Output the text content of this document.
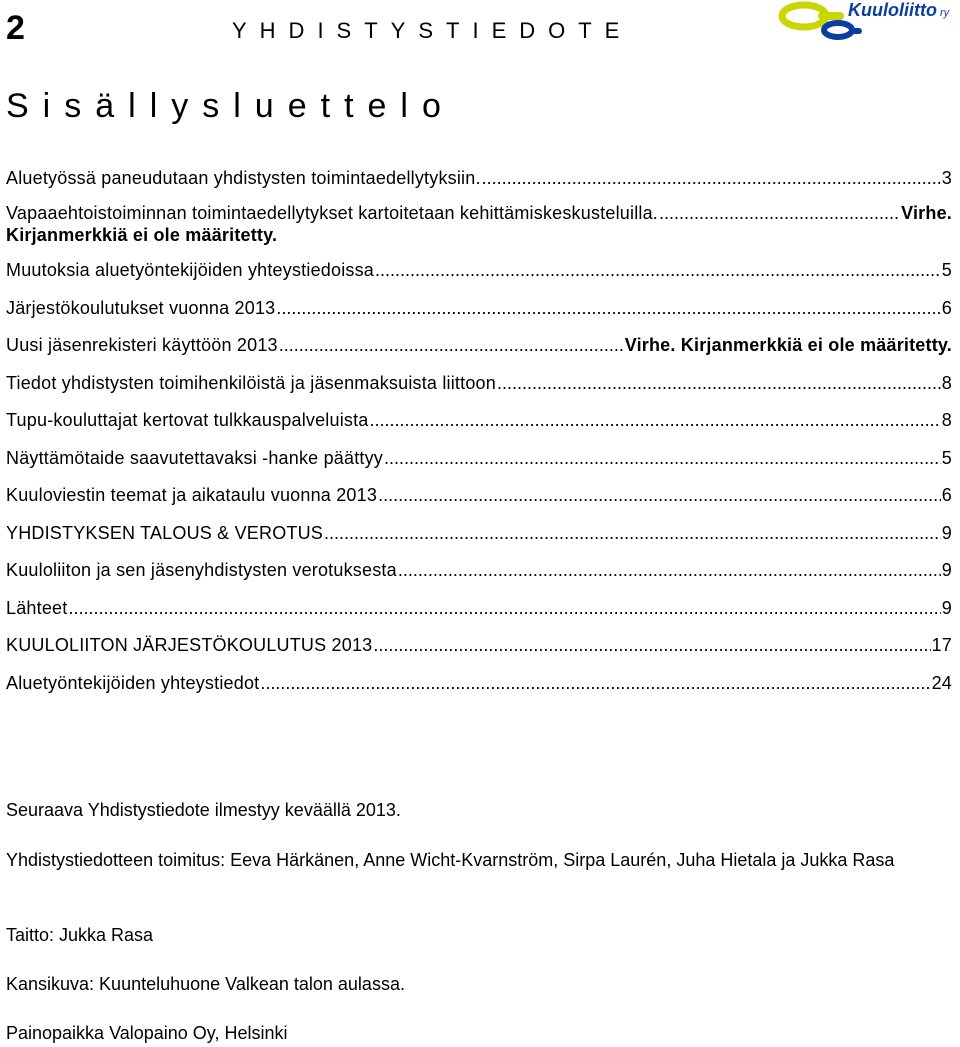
2	YHDISTYSTIEDOTE
Kuuloliitto ry
Sisällysluettelo
Aluetyössä paneudutaan yhdistysten toimintaedellytyksiin. .....	3
Vapaaehtoistoiminnan toimintaedellytykset kartoitetaan kehittämiskeskusteluilla. .....	Virhe.
Kirjanmerkkiä ei ole määritetty.
Muutoksia aluetyöntekijöiden yhteystiedoissa .....	5
Järjestökoulutukset vuonna 2013 .....	6
Uusi jäsenrekisteri käyttöön 2013 .....	Virhe. Kirjanmerkkiä ei ole määritetty.
Tiedot yhdistysten toimihenkilöistä ja jäsenmaksuista liittoon .....	8
Tupu-kouluttajat kertovat tulkkauspalveluista .....	8
Näyttämötaide saavutettavaksi -hanke päättyy .....	5
Kuuloviestin teemat ja aikataulu vuonna 2013 .....	6
YHDISTYKSEN TALOUS & VEROTUS .....	9
Kuuloliiton ja sen jäsenyhdistysten verotuksesta .....	9
Lähteet .....	9
KUULOLIITON JÄRJESTÖKOULUTUS 2013 .....	17
Aluetyöntekijöiden yhteystiedot .....	24
Seuraava Yhdistystiedote ilmestyy keväällä 2013.
Yhdistystiedotteen toimitus: Eeva Härkänen, Anne Wicht-Kvarnström, Sirpa Laurén, Juha Hietala ja Jukka Rasa
Taitto: Jukka Rasa
Kansikuva: Kuunteluhuone Valkean talon aulassa.
Painopaikka Valopaino Oy, Helsinki
